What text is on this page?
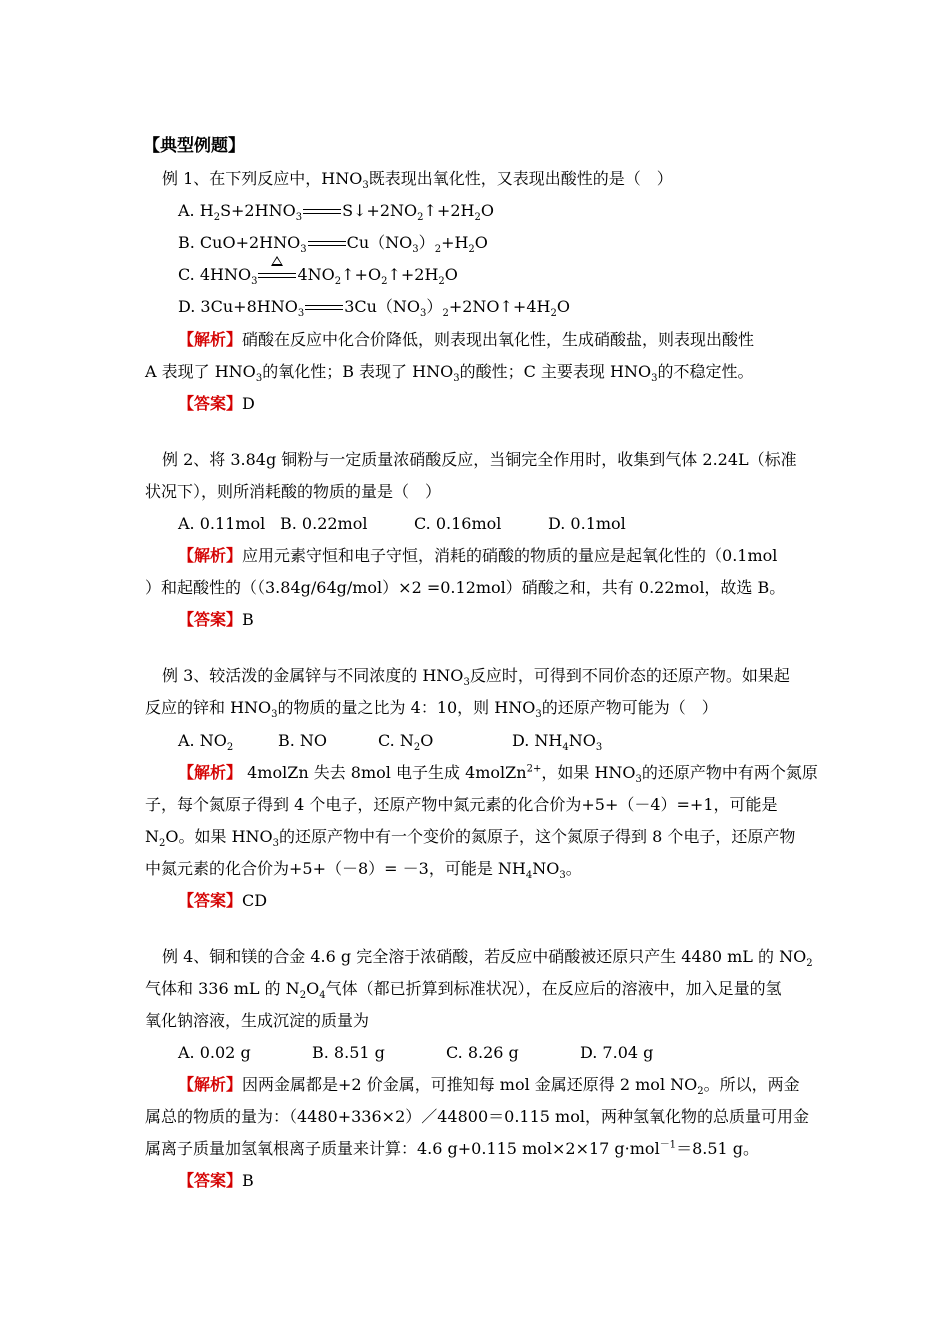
【典型例题】
例 1、在下列反应中，$HNO_3$既表现出氧化性，又表现出酸性的是（　）
A. $H_2S+2HNO_3$	$S↓+2NO_2↑+2H_2O$
B. $CuO+2HNO_3$	$Cu(NO_3)_2+H_2O$
C. $4HNO_3$	$4NO_2↑+O_2↑+2H_2O$
D. $3Cu+8HNO_3$	$3Cu(NO_3)_2+2NO↑+4H_2O$
【解析】硝酸在反应中化合价降低，则表现出氧化性，生成硝酸盐，则表现出酸性
A 表现了 $HNO_3$的氧化性；B 表现了 $HNO_3$的酸性；C 主要表现 $HNO_3$的不稳定性。
【答案】D
例 2、将 3.84g 铜粉与一定质量浓硝酸反应，当铜完全作用时，收集到气体 2.24L（标准
状况下），则所消耗酸的物质的量是（　）
A. 0.11mol B. 0.22mol	C. 0.16mol	D. 0.1mol
【解析】应用元素守恒和电子守恒，消耗的硝酸的物质的量应是起氧化性的（0.1mol
）和起酸性的（（3.84g/64g/mol）×2 =0.12mol）硝酸之和，共有 0.22mol，故选 B。
【答案】B
例 3、较活泼的金属锌与不同浓度的 $HNO_3$反应时，可得到不同价态的还原产物。如果起
反应的锌和 $HNO_3$的物质的量之比为 4：10，则 $HNO_3$的还原产物可能为（　）
A. $NO_2$	B. NO	C. $N_2O$	D. $NH_4NO_3$
【解析】 4molZn 失去 8mol 电子生成 4molZn$^{2+}$，如果 $HNO_3$的还原产物中有两个氮原
子，每个氮原子得到 4 个电子，还原产物中氮元素的化合价为+5+（－4）=+1，可能是
$N_2O$。如果 $HNO_3$的还原产物中有一个变价的氮原子，这个氮原子得到 8 个电子，还原产物
中氮元素的化合价为+5+（－8）= －3，可能是 $NH_4NO_3$。
【答案】CD
例 4、铜和镁的合金 4.6 g 完全溶于浓硝酸，若反应中硝酸被还原只产生 4480 mL 的 $NO_2$
气体和 336 mL 的 $N_2O_4$气体（都已折算到标准状况），在反应后的溶液中，加入足量的氢
氧化钠溶液，生成沉淀的质量为
A. 0.02 g	B. 8.51 g	C. 8.26 g	D. 7.04 g
【解析】因两金属都是+2 价金属，可推知每 mol 金属还原得 2 mol $NO_2$。所以，两金
属总的物质的量为：（4480+336×2）／44800＝0.115 mol，两种氢氧化物的总质量可用金
属离子质量加氢氧根离子质量来计算：4.6 g+0.115 mol×2×17 g·mol$^{-1}$＝8.51 g。
【答案】B
